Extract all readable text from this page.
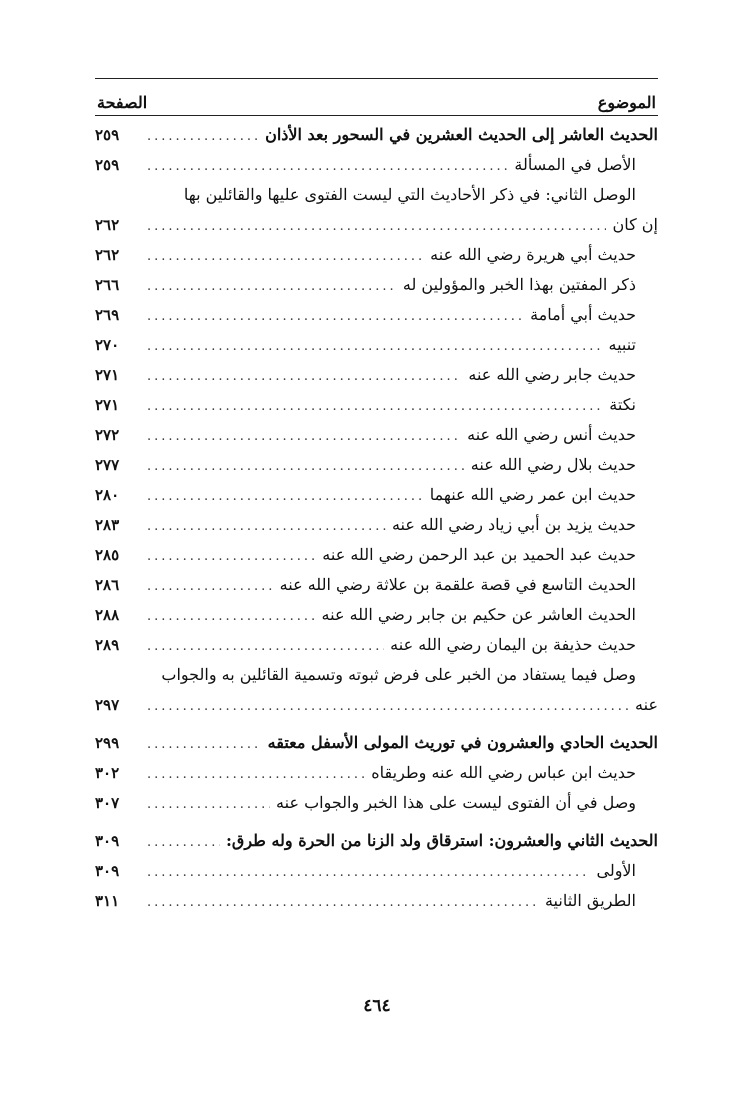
الموضوع
الصفحة
الحديث العاشر إلى الحديث العشرين في السحور بعد الأذان
.....
٢٥٩
الأصل في المسألة
.....
٢٥٩
الوصل الثاني: في ذكر الأحاديث التي ليست الفتوى عليها والقائلين بها
إن كان
.....
٢٦٢
حديث أبي هريرة رضي الله عنه
.....
٢٦٢
ذكر المفتين بهذا الخبر والمؤولين له
.....
٢٦٦
حديث أبي أمامة
.....
٢٦٩
تنبيه
.....
٢٧٠
حديث جابر رضي الله عنه
.....
٢٧١
نكتة
.....
٢٧١
حديث أنس رضي الله عنه
.....
٢٧٢
حديث بلال رضي الله عنه
.....
٢٧٧
حديث ابن عمر رضي الله عنهما
.....
٢٨٠
حديث يزيد بن أبي زياد رضي الله عنه
.....
٢٨٣
حديث عبد الحميد بن عبد الرحمن رضي الله عنه
.....
٢٨٥
الحديث التاسع في قصة علقمة بن علاثة رضي الله عنه
.....
٢٨٦
الحديث العاشر عن حكيم بن جابر رضي الله عنه
.....
٢٨٨
حديث حذيفة بن اليمان رضي الله عنه
.....
٢٨٩
وصل فيما يستفاد من الخبر على فرض ثبوته وتسمية القائلين به والجواب
عنه
.....
٢٩٧
الحديث الحادي والعشرون في توريث المولى الأسفل معتقه
.....
٢٩٩
حديث ابن عباس رضي الله عنه وطريقاه
.....
٣٠٢
وصل في أن الفتوى ليست على هذا الخبر والجواب عنه
.....
٣٠٧
الحديث الثاني والعشرون: استرقاق ولد الزنا من الحرة وله طرق:
.....
٣٠٩
الأولى
.....
٣٠٩
الطريق الثانية
.....
٣١١
٤٦٤
